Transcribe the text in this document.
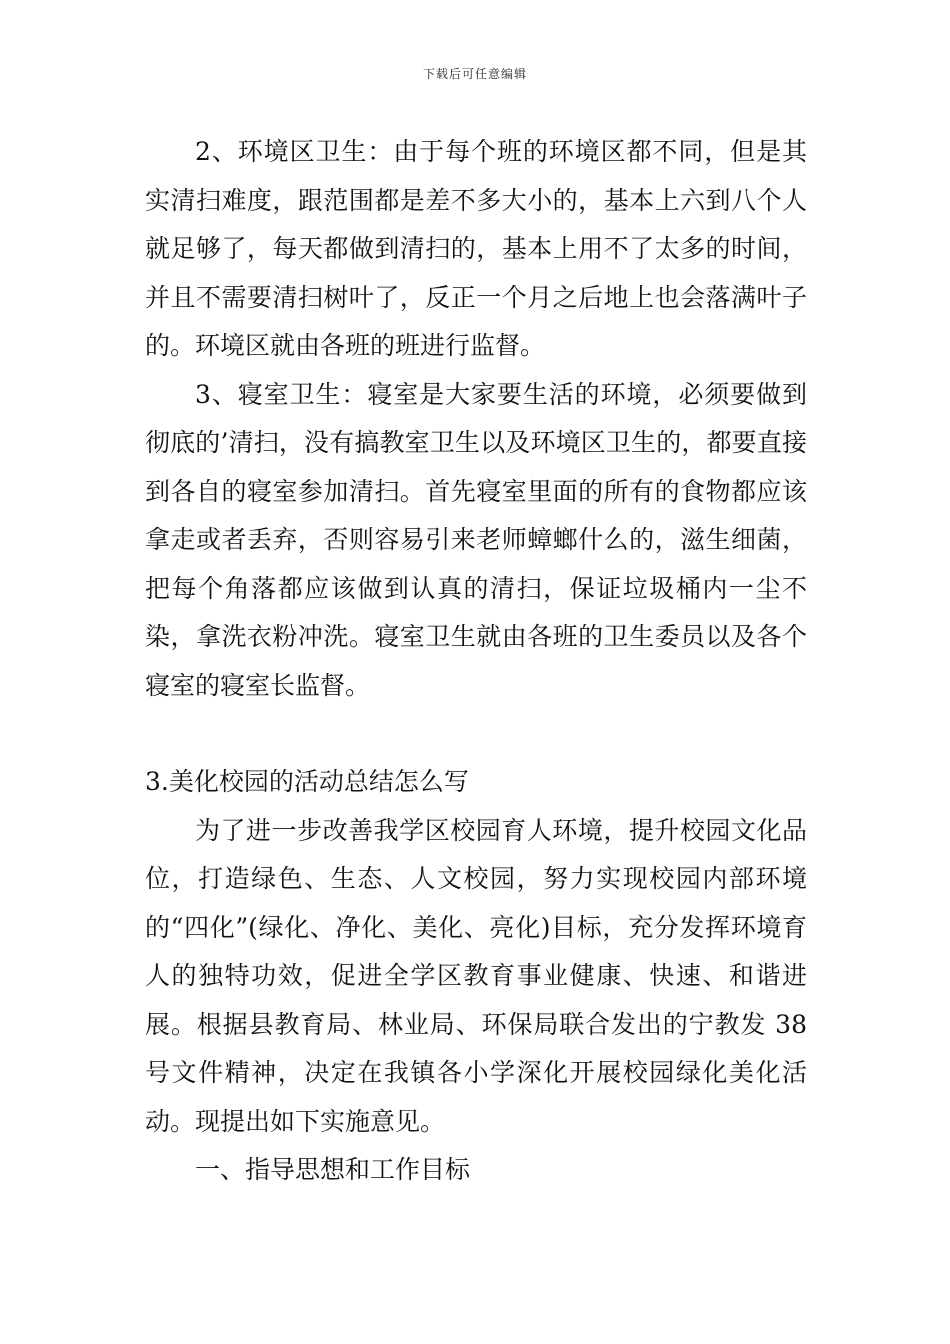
下载后可任意编辑

2、环境区卫生：由于每个班的环境区都不同，但是其实清扫难度，跟范围都是差不多大小的，基本上六到八个人就足够了，每天都做到清扫的，基本上用不了太多的时间，并且不需要清扫树叶了，反正一个月之后地上也会落满叶子的。环境区就由各班的班进行监督。

3、寝室卫生：寝室是大家要生活的环境，必须要做到彻底的’清扫，没有搞教室卫生以及环境区卫生的，都要直接到各自的寝室参加清扫。首先寝室里面的所有的食物都应该拿走或者丢弃，否则容易引来老师蟑螂什么的，滋生细菌，把每个角落都应该做到认真的清扫，保证垃圾桶内一尘不染，拿洗衣粉冲洗。寝室卫生就由各班的卫生委员以及各个寝室的寝室长监督。

3.美化校园的活动总结怎么写

为了进一步改善我学区校园育人环境，提升校园文化品位，打造绿色、生态、人文校园，努力实现校园内部环境的“四化”(绿化、净化、美化、亮化)目标，充分发挥环境育人的独特功效，促进全学区教育事业健康、快速、和谐进展。根据县教育局、林业局、环保局联合发出的宁教发 38 号文件精神，决定在我镇各小学深化开展校园绿化美化活动。现提出如下实施意见。

一、指导思想和工作目标
